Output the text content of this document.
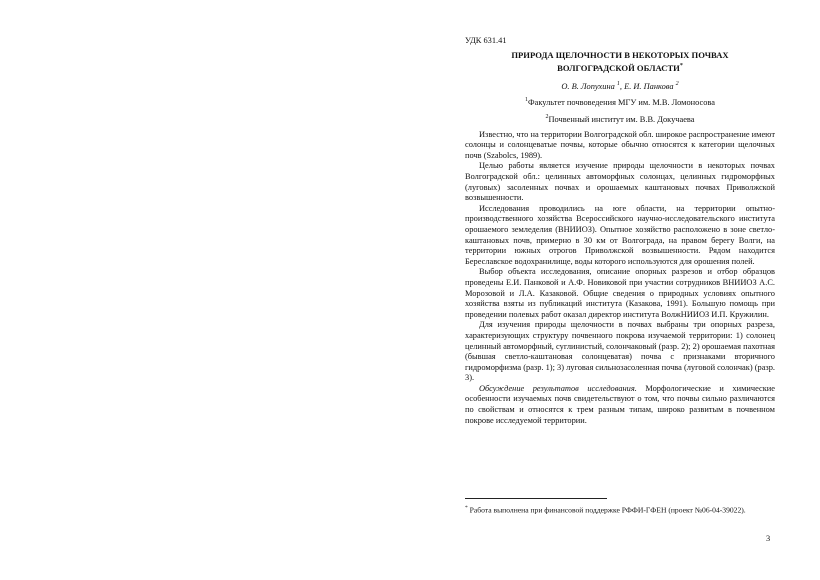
УДК 631.41
ПРИРОДА ЩЕЛОЧНОСТИ В НЕКОТОРЫХ ПОЧВАХ
ВОЛГОГРАДСКОЙ ОБЛАСТИ*
О. В. Лопухина $^1$, Е. И. Панкова $^2$
$^1$Факультет почвоведения МГУ им. М.В. Ломоносова
$^2$Почвенный институт им. В.В. Докучаева

Известно, что на территории Волгоградской обл. широкое распространение имеют солонцы и солонцеватые почвы, которые обычно относятся к категории щелочных почв (Szabolcs, 1989).

Целью работы является изучение природы щелочности в некоторых почвах Волгоградской обл.: целинных автоморфных солонцах, целинных гидроморфных (луговых) засоленных почвах и орошаемых каштановых почвах Приволжской возвышенности.

Исследования проводились на юге области, на территории опытно-производственного хозяйства Всероссийского научно-исследовательского института орошаемого земледелия (ВНИИОЗ). Опытное хозяйство расположено в зоне светло-каштановых почв, примерно в 30 км от Волгограда, на правом берегу Волги, на территории южных отрогов Приволжской возвышенности. Рядом находится Береславское водохранилище, воды которого используются для орошения полей.

Выбор объекта исследования, описание опорных разрезов и отбор образцов проведены Е.И. Панковой и А.Ф. Новиковой при участии сотрудников ВНИИОЗ А.С. Морозовой и Л.А. Казаковой. Общие сведения о природных условиях опытного хозяйства взяты из публикаций института (Казакова, 1991). Большую помощь при проведении полевых работ оказал директор института ВолжНИИОЗ И.П. Кружилин.

Для изучения природы щелочности в почвах выбраны три опорных разреза, характеризующих структуру почвенного покрова изучаемой территории: 1) солонец целинный автоморфный, суглинистый, солончаковый (разр. 2); 2) орошаемая пахотная (бывшая светло-каштановая солонцеватая) почва с признаками вторичного гидроморфизма (разр. 1); 3) луговая сильнозасоленная почва (луговой солончак) (разр. 3).

Обсуждение результатов исследования. Морфологические и химические особенности изучаемых почв свидетельствуют о том, что почвы сильно различаются по свойствам и относятся к трем разным типам, широко развитым в почвенном покрове исследуемой территории.

* Работа выполнена при финансовой поддержке РФФИ-ГФЕН (проект №06-04-39022).
3
